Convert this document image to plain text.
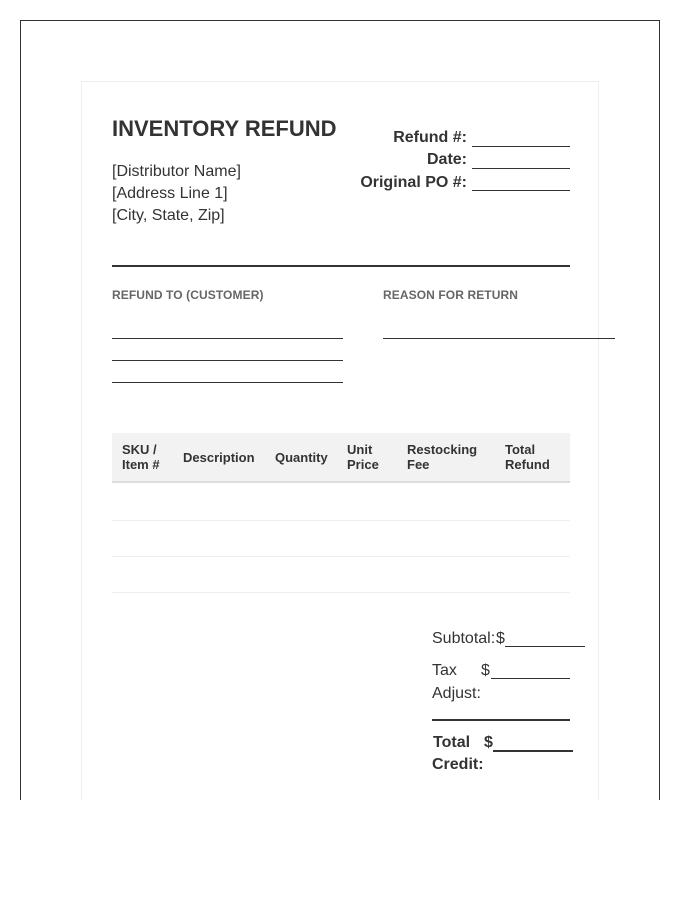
INVENTORY REFUND
[Distributor Name]
[Address Line 1]
[City, State, Zip]
Refund #:
Date:
Original PO #:
REFUND TO (CUSTOMER)	REASON FOR RETURN
SKU /
Item # Description Quantity
Unit
Price
Restocking
Fee
Total
Refund
Subtotal: $
Tax
Adjust:
$
Total
Credit:
$
